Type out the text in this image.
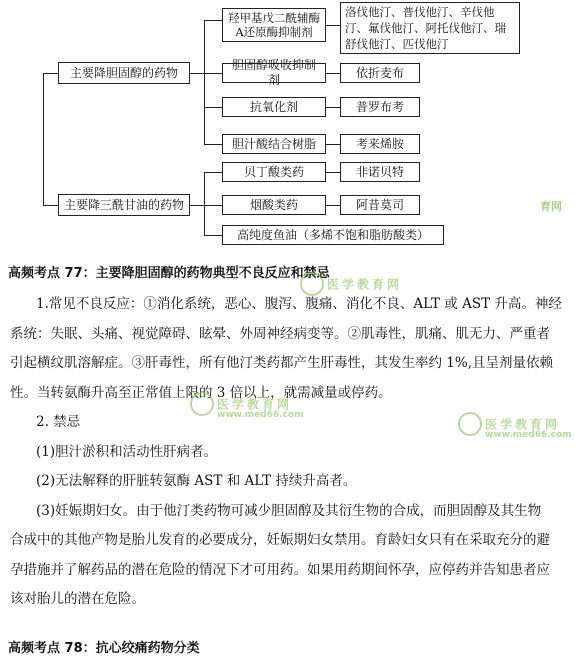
主要降胆固醇的药物
主要降三酰甘油的药物
羟甲基戊二酰辅酶A还原酶抑制剂
胆固醇吸收抑制剂
抗氧化剂
胆汁酸结合树脂
贝丁酸类药
烟酸类药
高纯度鱼油（多烯不饱和脂肪酸类）
洛伐他汀、普伐他汀、辛伐他汀、氟伐他汀、阿托伐他汀、瑞舒伐他汀、匹伐他汀
依折麦布
普罗布考
考来烯胺
非诺贝特
阿昔莫司	育网
高频考点 77：主要降胆固醇的药物典型不良反应和禁忌
1.常见不良反应：①消化系统，恶心、腹泻、腹痛、消化不良、ALT 或 AST 升高。神经
系统：失眠、头痛、视觉障碍、眩晕、外周神经病变等。②肌毒性，肌痛、肌无力、严重者
引起横纹肌溶解症。③肝毒性，所有他汀类药都产生肝毒性，其发生率约 1%,且呈剂量依赖
性。当转氨酶升高至正常值上限的 3 倍以上，就需减量或停药。
2. 禁忌
(1)胆汁淤积和活动性肝病者。
(2)无法解释的肝脏转氨酶 AST 和 ALT 持续升高者。
(3)妊娠期妇女。由于他汀类药物可减少胆固醇及其衍生物的合成，而胆固醇及其生物
合成中的其他产物是胎儿发育的必要成分，妊娠期妇女禁用。育龄妇女只有在采取充分的避
孕措施并了解药品的潜在危险的情况下才可用药。如果用药期间怀孕，应停药并告知患者应
该对胎儿的潜在危险。
医学教育网
医学教育网
www.med66.com
医学教育网
www.med66.com
高频考点 78：抗心绞痛药物分类
